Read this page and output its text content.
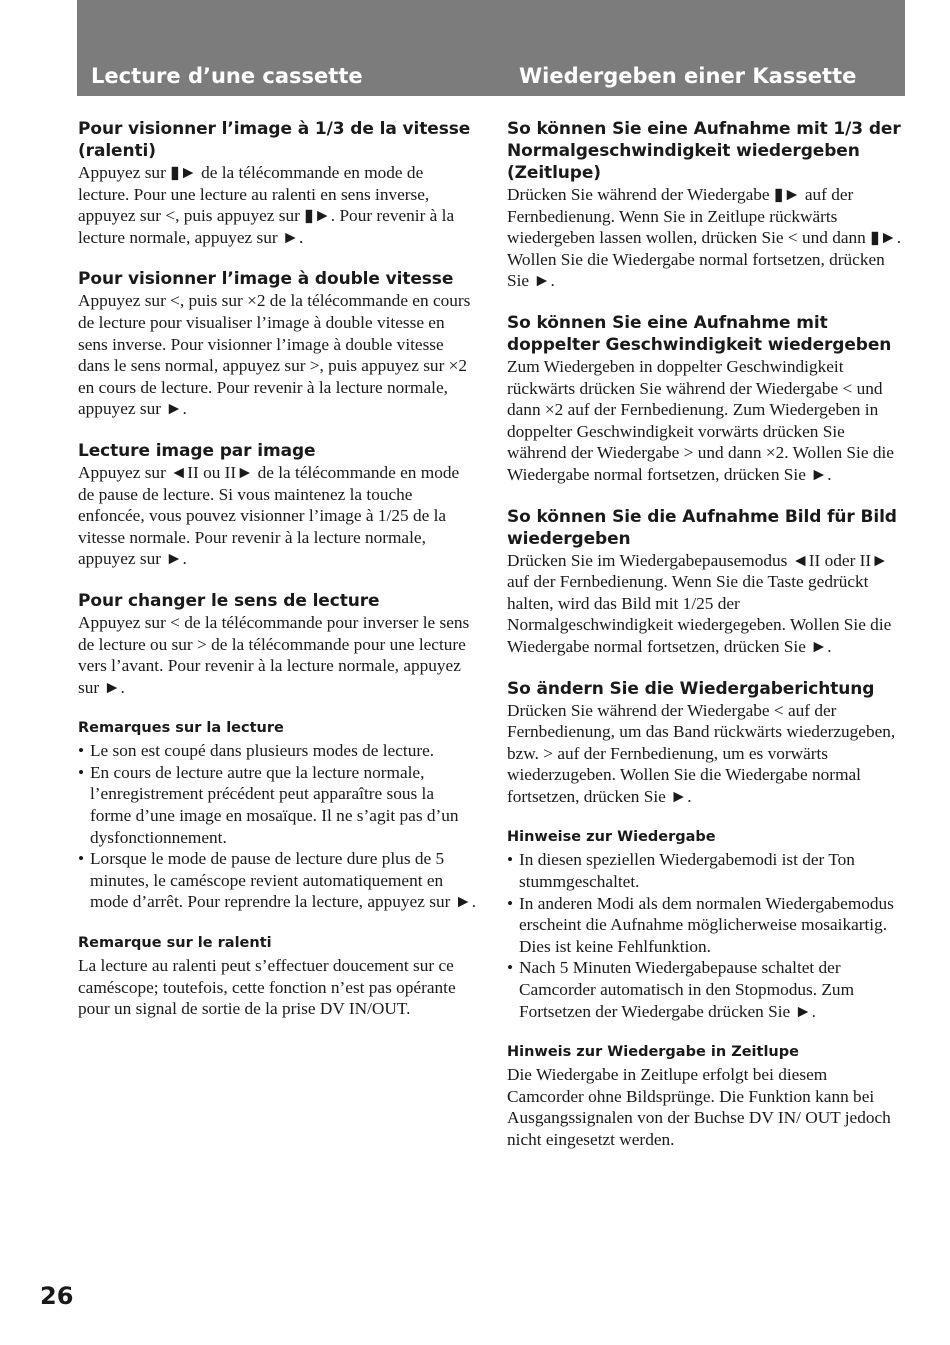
Lecture d’une cassette	Wiedergeben einer Kassette
Pour visionner l’image à 1/3 de la vitesse (ralenti)

Appuyez sur ▮► de la télécommande en mode de lecture. Pour une lecture au ralenti en sens inverse, appuyez sur <, puis appuyez sur ▮►. Pour revenir à la lecture normale, appuyez sur ►.

Pour visionner l’image à double vitesse

Appuyez sur <, puis sur ×2 de la télécommande en cours de lecture pour visualiser l’image à double vitesse en sens inverse. Pour visionner l’image à double vitesse dans le sens normal, appuyez sur >, puis appuyez sur ×2 en cours de lecture. Pour revenir à la lecture normale, appuyez sur ►.

Lecture image par image

Appuyez sur ◄II ou II► de la télécommande en mode de pause de lecture. Si vous maintenez la touche enfoncée, vous pouvez visionner l’image à 1/25 de la vitesse normale. Pour revenir à la lecture normale, appuyez sur ►.

Pour changer le sens de lecture

Appuyez sur < de la télécommande pour inverser le sens de lecture ou sur > de la télécommande pour une lecture vers l’avant. Pour revenir à la lecture normale, appuyez sur ►.

Remarques sur la lecture
• Le son est coupé dans plusieurs modes de lecture.
• En cours de lecture autre que la lecture normale, l’enregistrement précédent peut apparaître sous la forme d’une image en mosaïque. Il ne s’agit pas d’un dysfonctionnement.
• Lorsque le mode de pause de lecture dure plus de 5 minutes, le caméscope revient automatiquement en mode d’arrêt. Pour reprendre la lecture, appuyez sur ►.
Remarque sur le ralenti

La lecture au ralenti peut s’effectuer doucement sur ce caméscope; toutefois, cette fonction n’est pas opérante pour un signal de sortie de la prise DV IN/OUT.

So können Sie eine Aufnahme mit 1/3 der Normalgeschwindigkeit wiedergeben (Zeitlupe)

Drücken Sie während der Wiedergabe ▮► auf der Fernbedienung. Wenn Sie in Zeitlupe rückwärts wiedergeben lassen wollen, drücken Sie < und dann ▮►. Wollen Sie die Wiedergabe normal fortsetzen, drücken Sie ►.

So können Sie eine Aufnahme mit doppelter Geschwindigkeit wiedergeben

Zum Wiedergeben in doppelter Geschwindigkeit rückwärts drücken Sie während der Wiedergabe < und dann ×2 auf der Fernbedienung. Zum Wiedergeben in doppelter Geschwindigkeit vorwärts drücken Sie während der Wiedergabe > und dann ×2. Wollen Sie die Wiedergabe normal fortsetzen, drücken Sie ►.

So können Sie die Aufnahme Bild für Bild wiedergeben

Drücken Sie im Wiedergabepausemodus ◄II oder II► auf der Fernbedienung. Wenn Sie die Taste gedrückt halten, wird das Bild mit 1/25 der Normalgeschwindigkeit wiedergegeben. Wollen Sie die Wiedergabe normal fortsetzen, drücken Sie ►.

So ändern Sie die Wiedergaberichtung

Drücken Sie während der Wiedergabe < auf der Fernbedienung, um das Band rückwärts wiederzugeben, bzw. > auf der Fernbedienung, um es vorwärts wiederzugeben. Wollen Sie die Wiedergabe normal fortsetzen, drücken Sie ►.

Hinweise zur Wiedergabe
• In diesen speziellen Wiedergabemodi ist der Ton stummgeschaltet.
• In anderen Modi als dem normalen Wiedergabemodus erscheint die Aufnahme möglicherweise mosaikartig. Dies ist keine Fehlfunktion.
• Nach 5 Minuten Wiedergabepause schaltet der Camcorder automatisch in den Stopmodus. Zum Fortsetzen der Wiedergabe drücken Sie ►.
Hinweis zur Wiedergabe in Zeitlupe

Die Wiedergabe in Zeitlupe erfolgt bei diesem Camcorder ohne Bildsprünge. Die Funktion kann bei Ausgangssignalen von der Buchse DV IN/ OUT jedoch nicht eingesetzt werden.

26
